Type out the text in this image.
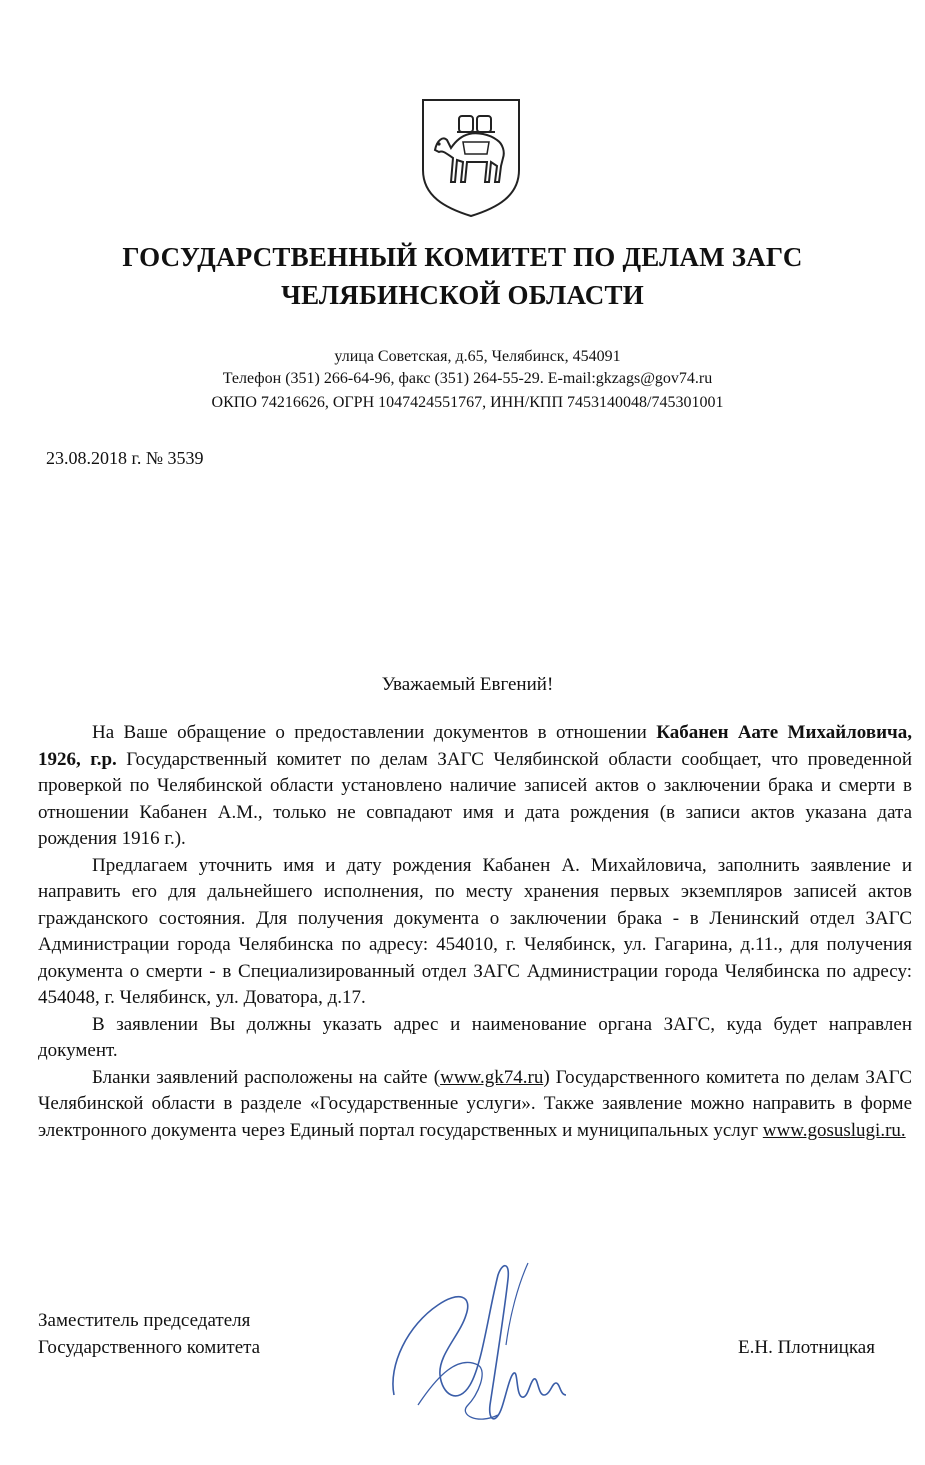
ГОСУДАРСТВЕННЫЙ КОМИТЕТ ПО ДЕЛАМ ЗАГС
ЧЕЛЯБИНСКОЙ ОБЛАСТИ
улица Советская, д.65, Челябинск, 454091
Телефон (351) 266-64-96, факс (351) 264-55-29. E-mail:gkzags@gov74.ru
ОКПО 74216626, ОГРН 1047424551767, ИНН/КПП 7453140048/745301001
23.08.2018 г. № 3539
Уважаемый Евгений!

На Ваше обращение о предоставлении документов в отношении Кабанен Аате Михайловича, 1926, г.р. Государственный комитет по делам ЗАГС Челябинской области сообщает, что проведенной проверкой по Челябинской области установлено наличие записей актов о заключении брака и смерти в отношении Кабанен А.М., только не совпадают имя и дата рождения (в записи актов указана дата рождения 1916 г.).

Предлагаем уточнить имя и дату рождения Кабанен А. Михайловича, заполнить заявление и направить его для дальнейшего исполнения, по месту хранения первых экземпляров записей актов гражданского состояния. Для получения документа о заключении брака - в Ленинский отдел ЗАГС Администрации города Челябинска по адресу: 454010, г. Челябинск, ул. Гагарина, д.11., для получения документа о смерти - в Специализированный отдел ЗАГС Администрации города Челябинска по адресу: 454048, г. Челябинск, ул. Доватора, д.17.

В заявлении Вы должны указать адрес и наименование органа ЗАГС, куда будет направлен документ.

Бланки заявлений расположены на сайте (www.gk74.ru) Государственного комитета по делам ЗАГС Челябинской области в разделе «Государственные услуги». Также заявление можно направить в форме электронного документа через Единый портал государственных и муниципальных услуг www.gosuslugi.ru.

Заместитель председателя
Государственного комитета	Е.Н. Плотницкая
